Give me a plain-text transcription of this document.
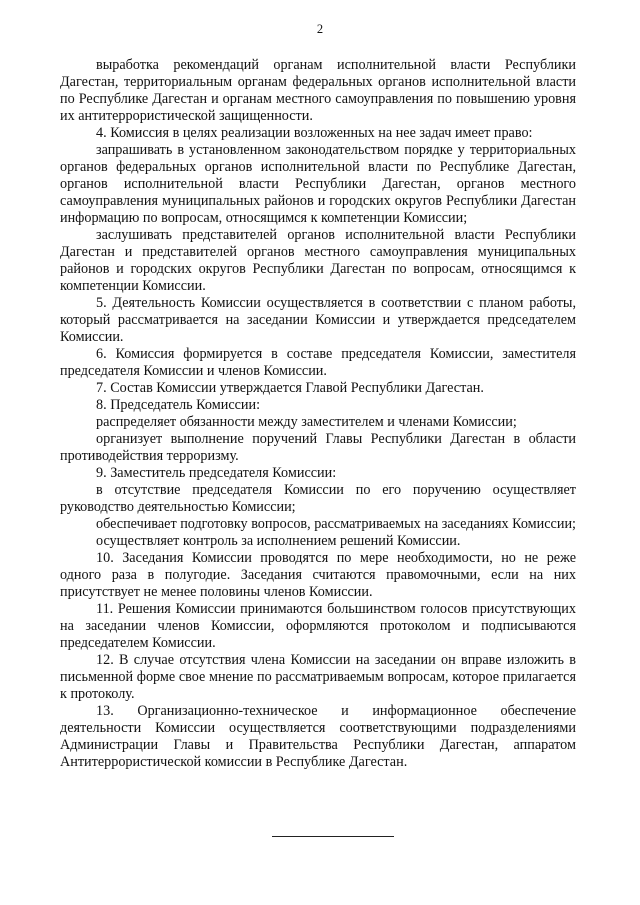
2

выработка рекомендаций органам исполнительной власти Республики Дагестан, территориальным органам федеральных органов исполнительной власти по Республике Дагестан и органам местного самоуправления по повышению уровня их антитеррористической защищенности.

4. Комиссия в целях реализации возложенных на нее задач имеет право:

запрашивать в установленном законодательством порядке у территориальных органов федеральных органов исполнительной власти по Республике Дагестан, органов исполнительной власти Республики Дагестан, органов местного самоуправления муниципальных районов и городских округов Республики Дагестан информацию по вопросам, относящимся к компетенции Комиссии;

заслушивать представителей органов исполнительной власти Республики Дагестан и представителей органов местного самоуправления муниципальных районов и городских округов Республики Дагестан по вопросам, относящимся к компетенции Комиссии.

5. Деятельность Комиссии осуществляется в соответствии с планом работы, который рассматривается на заседании Комиссии и утверждается председателем Комиссии.

6. Комиссия формируется в составе председателя Комиссии, заместителя председателя Комиссии и членов Комиссии.

7. Состав Комиссии утверждается Главой Республики Дагестан.

8. Председатель Комиссии:

распределяет обязанности между заместителем и членами Комиссии;

организует выполнение поручений Главы Республики Дагестан в области противодействия терроризму.

9. Заместитель председателя Комиссии:

в отсутствие председателя Комиссии по его поручению осуществляет руководство деятельностью Комиссии;

обеспечивает подготовку вопросов, рассматриваемых на заседаниях Комиссии;

осуществляет контроль за исполнением решений Комиссии.

10. Заседания Комиссии проводятся по мере необходимости, но не реже одного раза в полугодие. Заседания считаются правомочными, если на них присутствует не менее половины членов Комиссии.

11. Решения Комиссии принимаются большинством голосов присутствующих на заседании членов Комиссии, оформляются протоколом и подписываются председателем Комиссии.

12. В случае отсутствия члена Комиссии на заседании он вправе изложить в письменной форме свое мнение по рассматриваемым вопросам, которое прилагается к протоколу.

13. Организационно-техническое и информационное обеспечение деятельности Комиссии осуществляется соответствующими подразделениями Администрации Главы и Правительства Республики Дагестан, аппаратом Антитеррористической комиссии в Республике Дагестан.
